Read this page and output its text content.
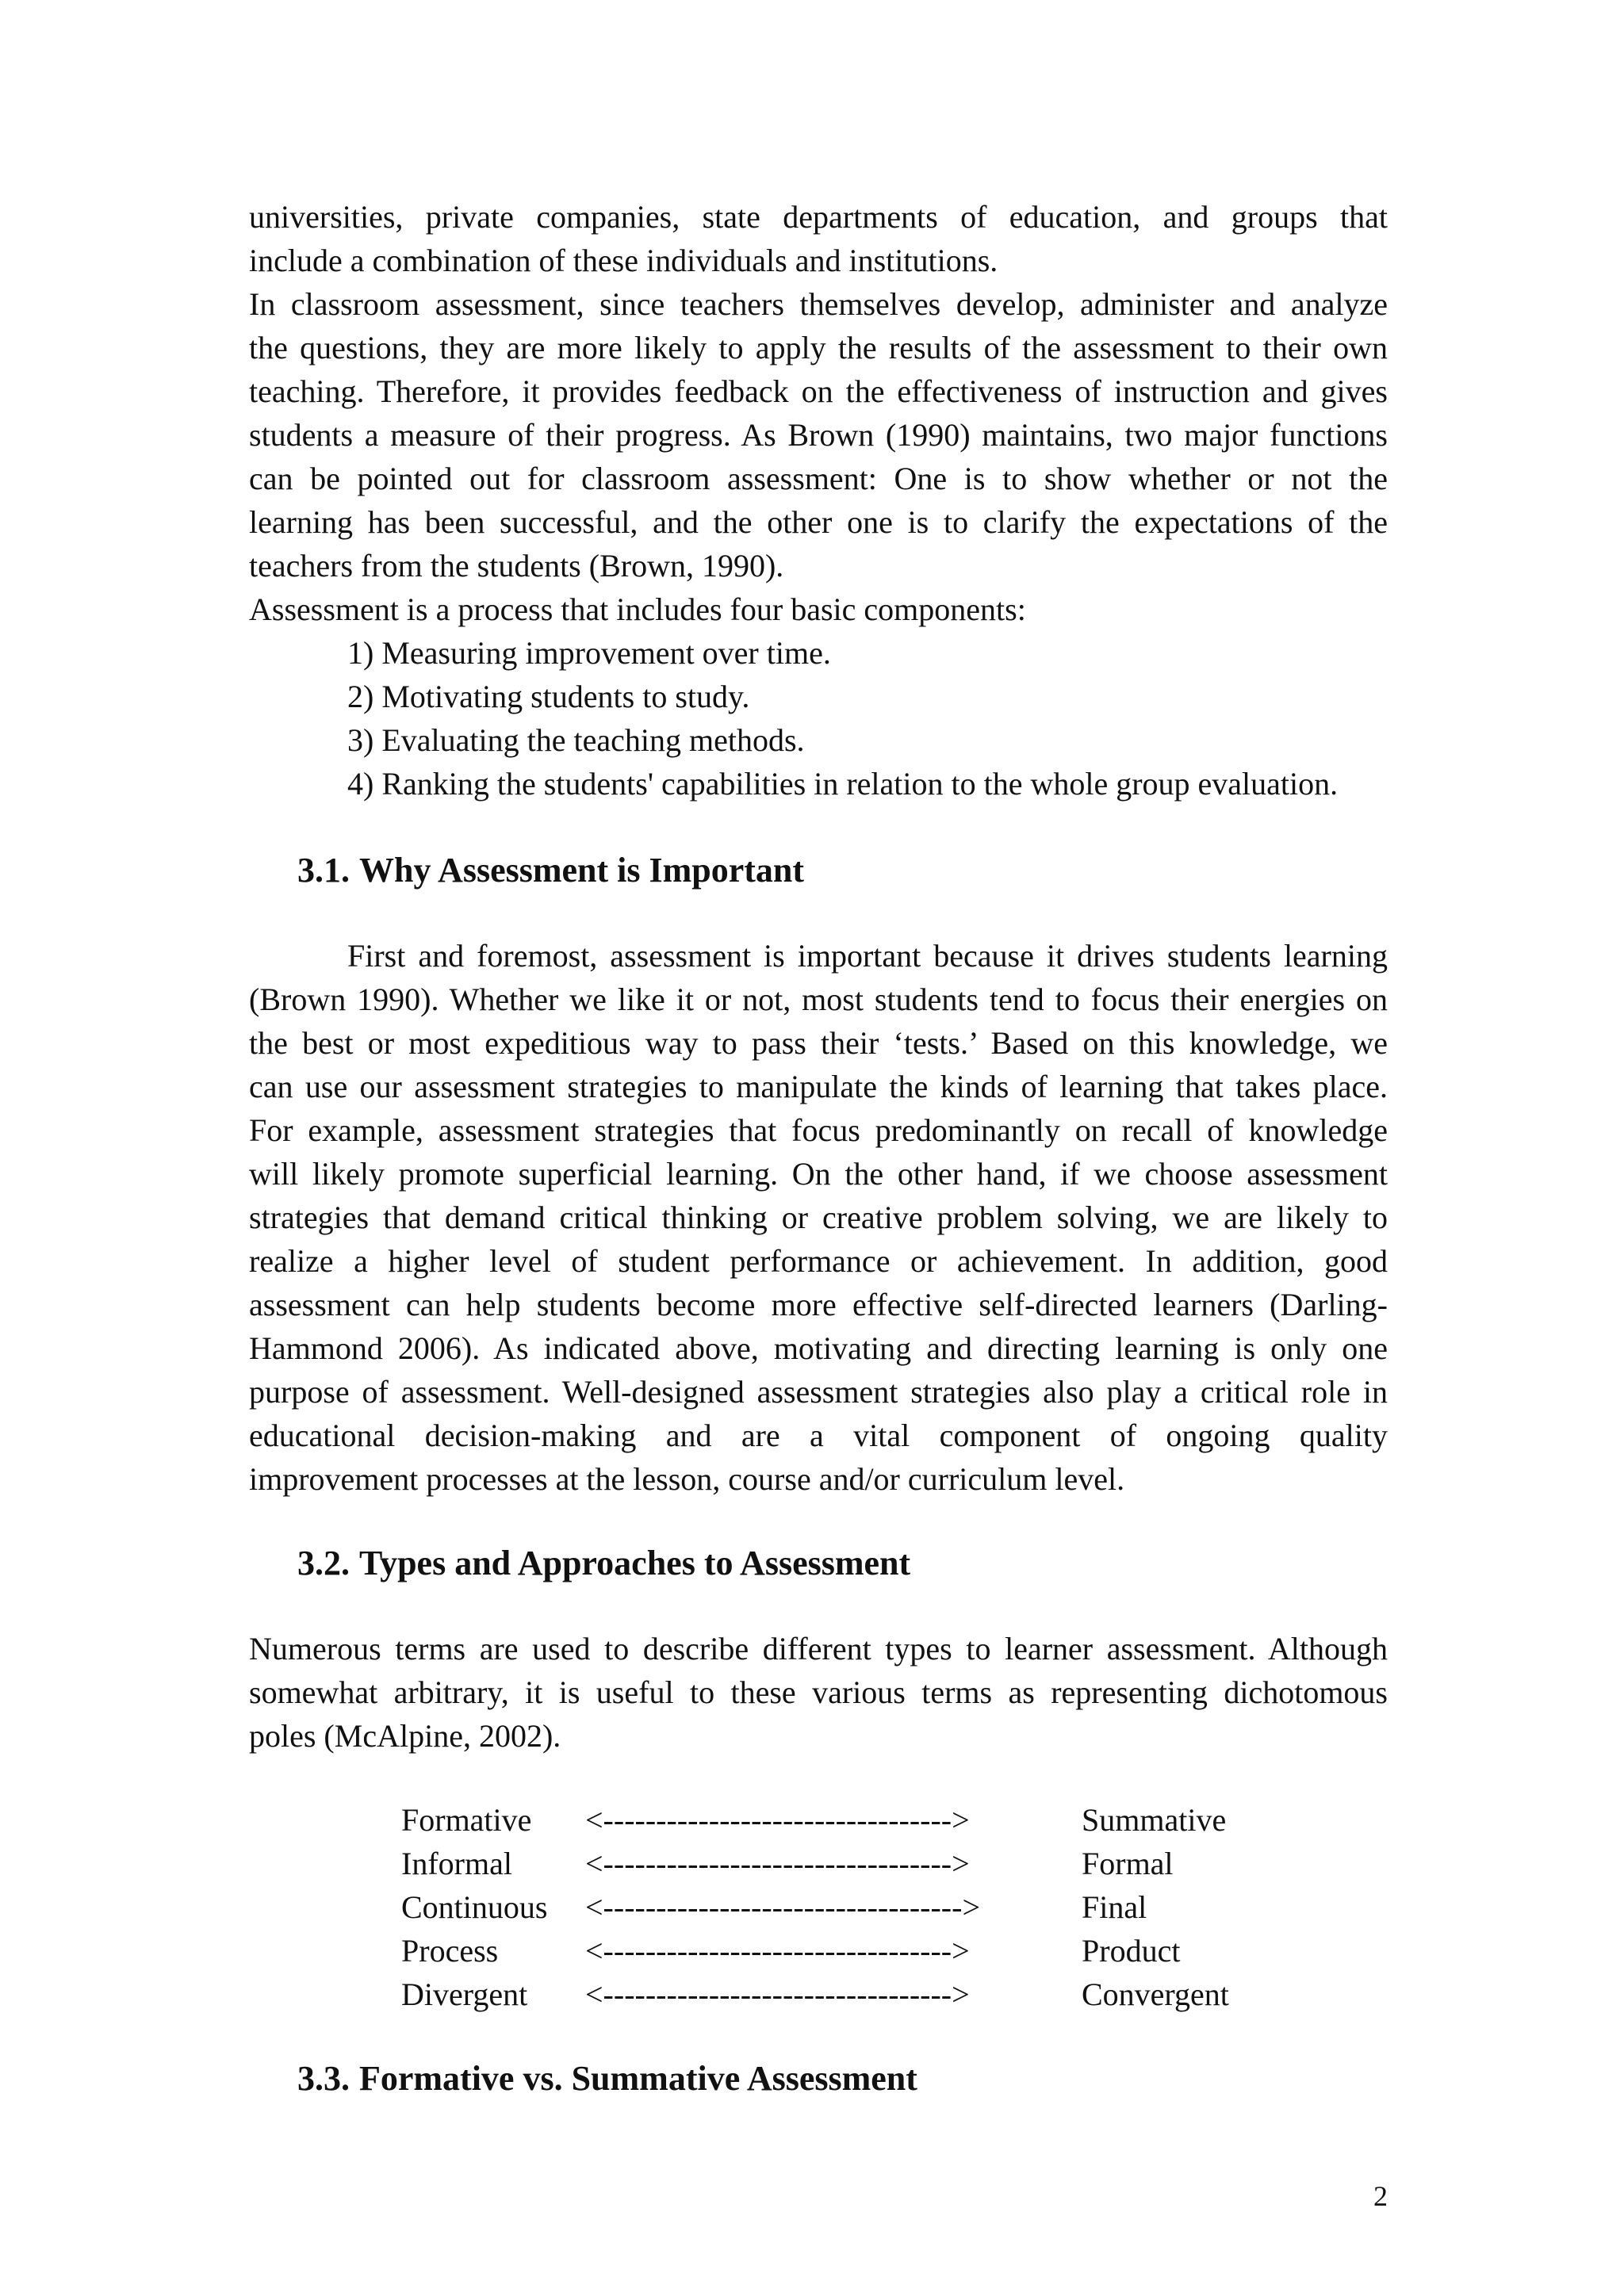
universities, private companies, state departments of education, and groups that
include a combination of these individuals and institutions.
In classroom assessment, since teachers themselves develop, administer and analyze
the questions, they are more likely to apply the results of the assessment to their own
teaching. Therefore, it provides feedback on the effectiveness of instruction and gives
students a measure of their progress. As Brown (1990) maintains, two major functions
can be pointed out for classroom assessment: One is to show whether or not the
learning has been successful, and the other one is to clarify the expectations of the
teachers from the students (Brown, 1990).
Assessment is a process that includes four basic components:
1) Measuring improvement over time.
2) Motivating students to study.
3) Evaluating the teaching methods.
4) Ranking the students' capabilities in relation to the whole group evaluation.
3.1. Why Assessment is Important
First and foremost, assessment is important because it drives students learning
(Brown 1990). Whether we like it or not, most students tend to focus their energies on
the best or most expeditious way to pass their ‘tests.’ Based on this knowledge, we
can use our assessment strategies to manipulate the kinds of learning that takes place.
For example, assessment strategies that focus predominantly on recall of knowledge
will likely promote superficial learning. On the other hand, if we choose assessment
strategies that demand critical thinking or creative problem solving, we are likely to
realize a higher level of student performance or achievement. In addition, good
assessment can help students become more effective self-directed learners (Darling-
Hammond 2006). As indicated above, motivating and directing learning is only one
purpose of assessment. Well-designed assessment strategies also play a critical role in
educational decision-making and are a vital component of ongoing quality
improvement processes at the lesson, course and/or curriculum level.
3.2. Types and Approaches to Assessment
Numerous terms are used to describe different types to learner assessment. Although
somewhat arbitrary, it is useful to these various terms as representing dichotomous
poles (McAlpine, 2002).
Formative <--------------------------------->	Summative
Informal <--------------------------------->	Formal
Continuous <---------------------------------->	Final
Process	<--------------------------------->	Product
Divergent <--------------------------------->	Convergent
3.3. Formative vs. Summative Assessment
2
